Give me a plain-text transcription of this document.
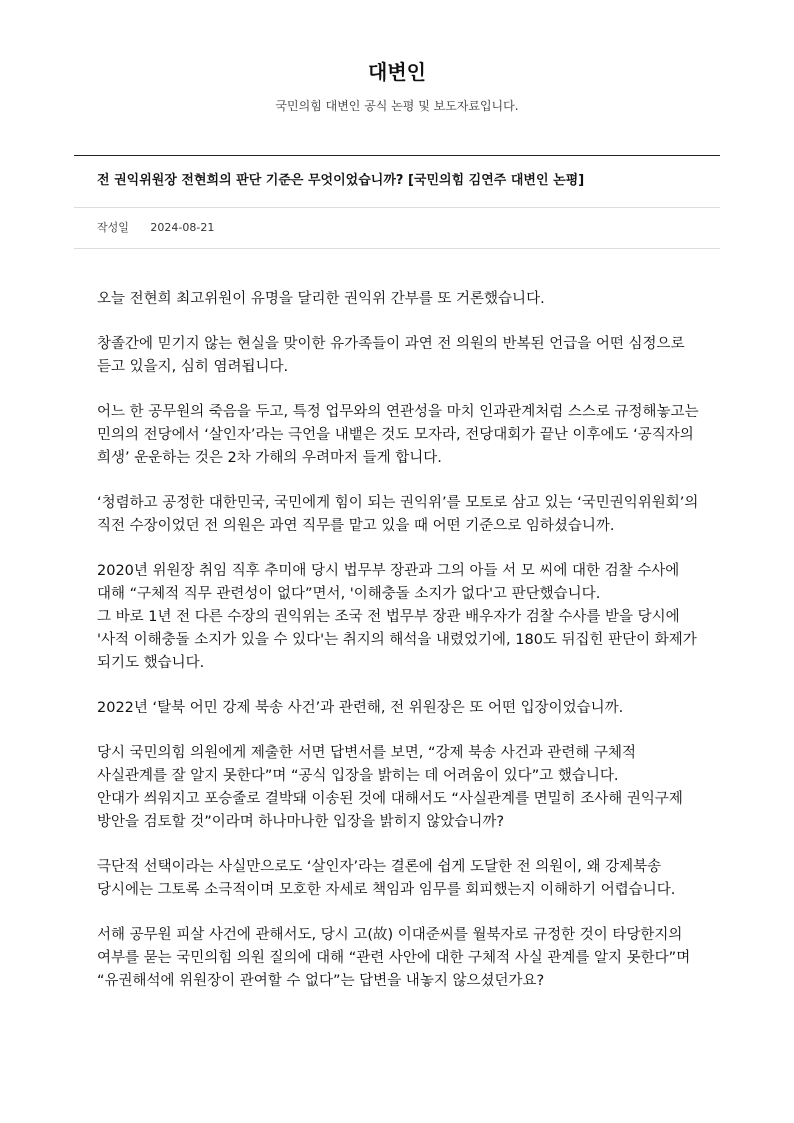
대변인

국민의힘 대변인 공식 논평 및 보도자료입니다.

전 권익위원장 전현희의 판단 기준은 무엇이었습니까? [국민의힘 김연주 대변인 논평]
작성일 2024-08-21

오늘 전현희 최고위원이 유명을 달리한 권익위 간부를 또 거론했습니다.

창졸간에 믿기지 않는 현실을 맞이한 유가족들이 과연 전 의원의 반복된 언급을 어떤 심정으로 듣고 있을지, 심히 염려됩니다.

어느 한 공무원의 죽음을 두고, 특정 업무와의 연관성을 마치 인과관계처럼 스스로 규정해놓고는 민의의 전당에서 ‘살인자’라는 극언을 내뱉은 것도 모자라, 전당대회가 끝난 이후에도 ‘공직자의 희생’ 운운하는 것은 2차 가해의 우려마저 들게 합니다.

‘청렴하고 공정한 대한민국, 국민에게 힘이 되는 권익위’를 모토로 삼고 있는 ‘국민권익위원회’의 직전 수장이었던 전 의원은 과연 직무를 맡고 있을 때 어떤 기준으로 임하셨습니까.

2020년 위원장 취임 직후 추미애 당시 법무부 장관과 그의 아들 서 모 씨에 대한 검찰 수사에 대해 “구체적 직무 관련성이 없다”면서, '이해충돌 소지가 없다'고 판단했습니다.
그 바로 1년 전 다른 수장의 권익위는 조국 전 법무부 장관 배우자가 검찰 수사를 받을 당시에 '사적 이해충돌 소지가 있을 수 있다'는 취지의 해석을 내렸었기에, 180도 뒤집힌 판단이 화제가 되기도 했습니다.

2022년 ‘탈북 어민 강제 북송 사건’과 관련해, 전 위원장은 또 어떤 입장이었습니까.

당시 국민의힘 의원에게 제출한 서면 답변서를 보면, “강제 북송 사건과 관련해 구체적 사실관계를 잘 알지 못한다”며 “공식 입장을 밝히는 데 어려움이 있다”고 했습니다.
안대가 씌워지고 포승줄로 결박돼 이송된 것에 대해서도 “사실관계를 면밀히 조사해 권익구제 방안을 검토할 것”이라며 하나마나한 입장을 밝히지 않았습니까?

극단적 선택이라는 사실만으로도 ‘살인자’라는 결론에 쉽게 도달한 전 의원이, 왜 강제북송 당시에는 그토록 소극적이며 모호한 자세로 책임과 임무를 회피했는지 이해하기 어렵습니다.

서해 공무원 피살 사건에 관해서도, 당시 고(故) 이대준씨를 월북자로 규정한 것이 타당한지의 여부를 묻는 국민의힘 의원 질의에 대해 “관련 사안에 대한 구체적 사실 관계를 알지 못한다”며 “유권해석에 위원장이 관여할 수 없다”는 답변을 내놓지 않으셨던가요?
